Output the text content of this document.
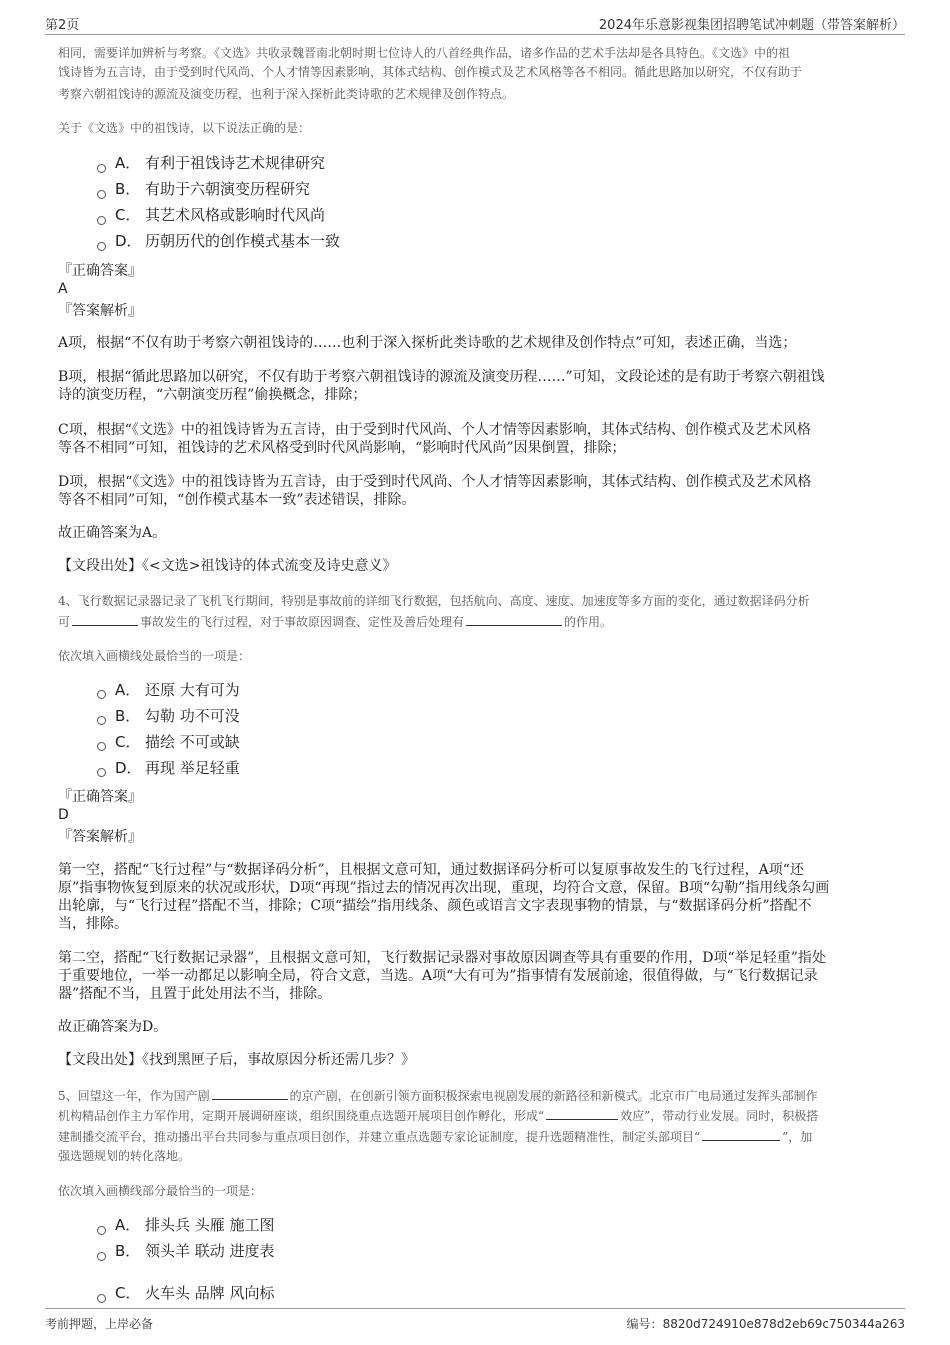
第2页	2024年乐意影视集团招聘笔试冲刺题（带答案解析）
相同，需要详加辨析与考察。《文选》共收录魏晋南北朝时期七位诗人的八首经典作品，诸多作品的艺术手法却是各具特色。《文选》中的祖
饯诗皆为五言诗，由于受到时代风尚、个人才情等因素影响，其体式结构、创作模式及艺术风格等各不相同。循此思路加以研究，不仅有助于
考察六朝祖饯诗的源流及演变历程，也利于深入探析此类诗歌的艺术规律及创作特点。
关于《文选》中的祖饯诗，以下说法正确的是：
A． 有利于祖饯诗艺术规律研究
B． 有助于六朝演变历程研究
C． 其艺术风格或影响时代风尚
D． 历朝历代的创作模式基本一致
『正确答案』
A
『答案解析』
A项，根据“不仅有助于考察六朝祖饯诗的……也利于深入探析此类诗歌的艺术规律及创作特点”可知，表述正确，当选；
B项，根据“循此思路加以研究，不仅有助于考察六朝祖饯诗的源流及演变历程……”可知，文段论述的是有助于考察六朝祖饯
诗的演变历程，“六朝演变历程”偷换概念，排除；
C项，根据“《文选》中的祖饯诗皆为五言诗，由于受到时代风尚、个人才情等因素影响，其体式结构、创作模式及艺术风格
等各不相同”可知，祖饯诗的艺术风格受到时代风尚影响，“影响时代风尚”因果倒置，排除；
D项，根据“《文选》中的祖饯诗皆为五言诗，由于受到时代风尚、个人才情等因素影响，其体式结构、创作模式及艺术风格
等各不相同”可知，“创作模式基本一致”表述错误，排除。
故正确答案为A。
【文段出处】《<文选>祖饯诗的体式流变及诗史意义》
4、飞行数据记录器记录了飞机飞行期间，特别是事故前的详细飞行数据，包括航向、高度、速度、加速度等多方面的变化，通过数据译码分析
可	事故发生的飞行过程，对于事故原因调查、定性及善后处理有	的作用。
依次填入画横线处最恰当的一项是：
A． 还原 大有可为
B． 勾勒 功不可没
C． 描绘 不可或缺
D． 再现 举足轻重
『正确答案』
D
『答案解析』
第一空，搭配“飞行过程”与“数据译码分析”，且根据文意可知，通过数据译码分析可以复原事故发生的飞行过程，A项“还
原”指事物恢复到原来的状况或形状，D项“再现”指过去的情况再次出现，重现，均符合文意，保留。B项“勾勒”指用线条勾画
出轮廓，与“飞行过程”搭配不当，排除；C项“描绘”指用线条、颜色或语言文字表现事物的情景，与“数据译码分析”搭配不
当，排除。
第二空，搭配“飞行数据记录器”，且根据文意可知，飞行数据记录器对事故原因调查等具有重要的作用，D项“举足轻重”指处
于重要地位，一举一动都足以影响全局，符合文意，当选。A项“大有可为”指事情有发展前途，很值得做，与“飞行数据记录
器”搭配不当，且置于此处用法不当，排除。
故正确答案为D。
【文段出处】《找到黑匣子后，事故原因分析还需几步？》
5、回望这一年，作为国产剧	的京产剧，在创新引领方面积极探索电视剧发展的新路径和新模式。北京市广电局通过发挥头部制作
机构精品创作主力军作用，定期开展调研座谈，组织围绕重点选题开展项目创作孵化，形成“	效应”，带动行业发展。同时，积极搭
建制播交流平台，推动播出平台共同参与重点项目创作，并建立重点选题专家论证制度，提升选题精准性，制定头部项目“	”，加
强选题规划的转化落地。
依次填入画横线部分最恰当的一项是：
A． 排头兵 头雁 施工图
B． 领头羊 联动 进度表
C． 火车头 品牌 风向标
考前押题，上岸必备	编号：8820d724910e878d2eb69c750344a263
